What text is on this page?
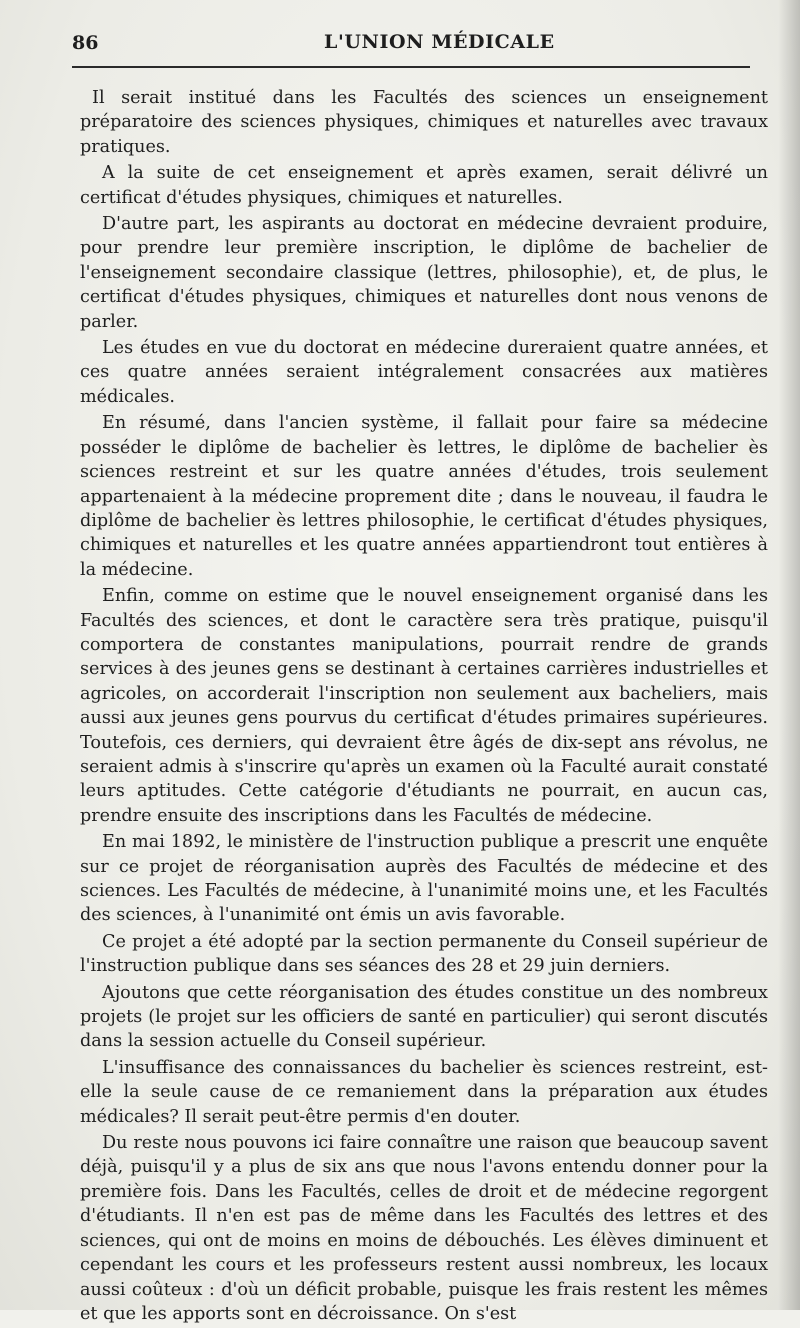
86	L'UNION MÉDICALE

Il serait institué dans les Facultés des sciences un enseignement préparatoire des sciences physiques, chimiques et naturelles avec travaux pratiques.

A la suite de cet enseignement et après examen, serait délivré un certificat d'études physiques, chimiques et naturelles.

D'autre part, les aspirants au doctorat en médecine devraient produire, pour prendre leur première inscription, le diplôme de bachelier de l'enseignement secondaire classique (lettres, philosophie), et, de plus, le certificat d'études physiques, chimiques et naturelles dont nous venons de parler.

Les études en vue du doctorat en médecine dureraient quatre années, et ces quatre années seraient intégralement consacrées aux matières médicales.

En résumé, dans l'ancien système, il fallait pour faire sa médecine posséder le diplôme de bachelier ès lettres, le diplôme de bachelier ès sciences restreint et sur les quatre années d'études, trois seulement appartenaient à la médecine proprement dite ; dans le nouveau, il faudra le diplôme de bachelier ès lettres philosophie, le certificat d'études physiques, chimiques et naturelles et les quatre années appartiendront tout entières à la médecine.

Enfin, comme on estime que le nouvel enseignement organisé dans les Facultés des sciences, et dont le caractère sera très pratique, puisqu'il comportera de constantes manipulations, pourrait rendre de grands services à des jeunes gens se destinant à certaines carrières industrielles et agricoles, on accorderait l'inscription non seulement aux bacheliers, mais aussi aux jeunes gens pourvus du certificat d'études primaires supérieures. Toutefois, ces derniers, qui devraient être âgés de dix-sept ans révolus, ne seraient admis à s'inscrire qu'après un examen où la Faculté aurait constaté leurs aptitudes. Cette catégorie d'étudiants ne pourrait, en aucun cas, prendre ensuite des inscriptions dans les Facultés de médecine.

En mai 1892, le ministère de l'instruction publique a prescrit une enquête sur ce projet de réorganisation auprès des Facultés de médecine et des sciences. Les Facultés de médecine, à l'unanimité moins une, et les Facultés des sciences, à l'unanimité ont émis un avis favorable.

Ce projet a été adopté par la section permanente du Conseil supérieur de l'instruction publique dans ses séances des 28 et 29 juin derniers.

Ajoutons que cette réorganisation des études constitue un des nombreux projets (le projet sur les officiers de santé en particulier) qui seront discutés dans la session actuelle du Conseil supérieur.

L'insuffisance des connaissances du bachelier ès sciences restreint, est-elle la seule cause de ce remaniement dans la préparation aux études médicales? Il serait peut-être permis d'en douter.

Du reste nous pouvons ici faire connaître une raison que beaucoup savent déjà, puisqu'il y a plus de six ans que nous l'avons entendu donner pour la première fois. Dans les Facultés, celles de droit et de médecine regorgent d'étudiants. Il n'en est pas de même dans les Facultés des lettres et des sciences, qui ont de moins en moins de débouchés. Les élèves diminuent et cependant les cours et les professeurs restent aussi nombreux, les locaux aussi coûteux : d'où un déficit probable, puisque les frais restent les mêmes et que les apports sont en décroissance. On s'est
